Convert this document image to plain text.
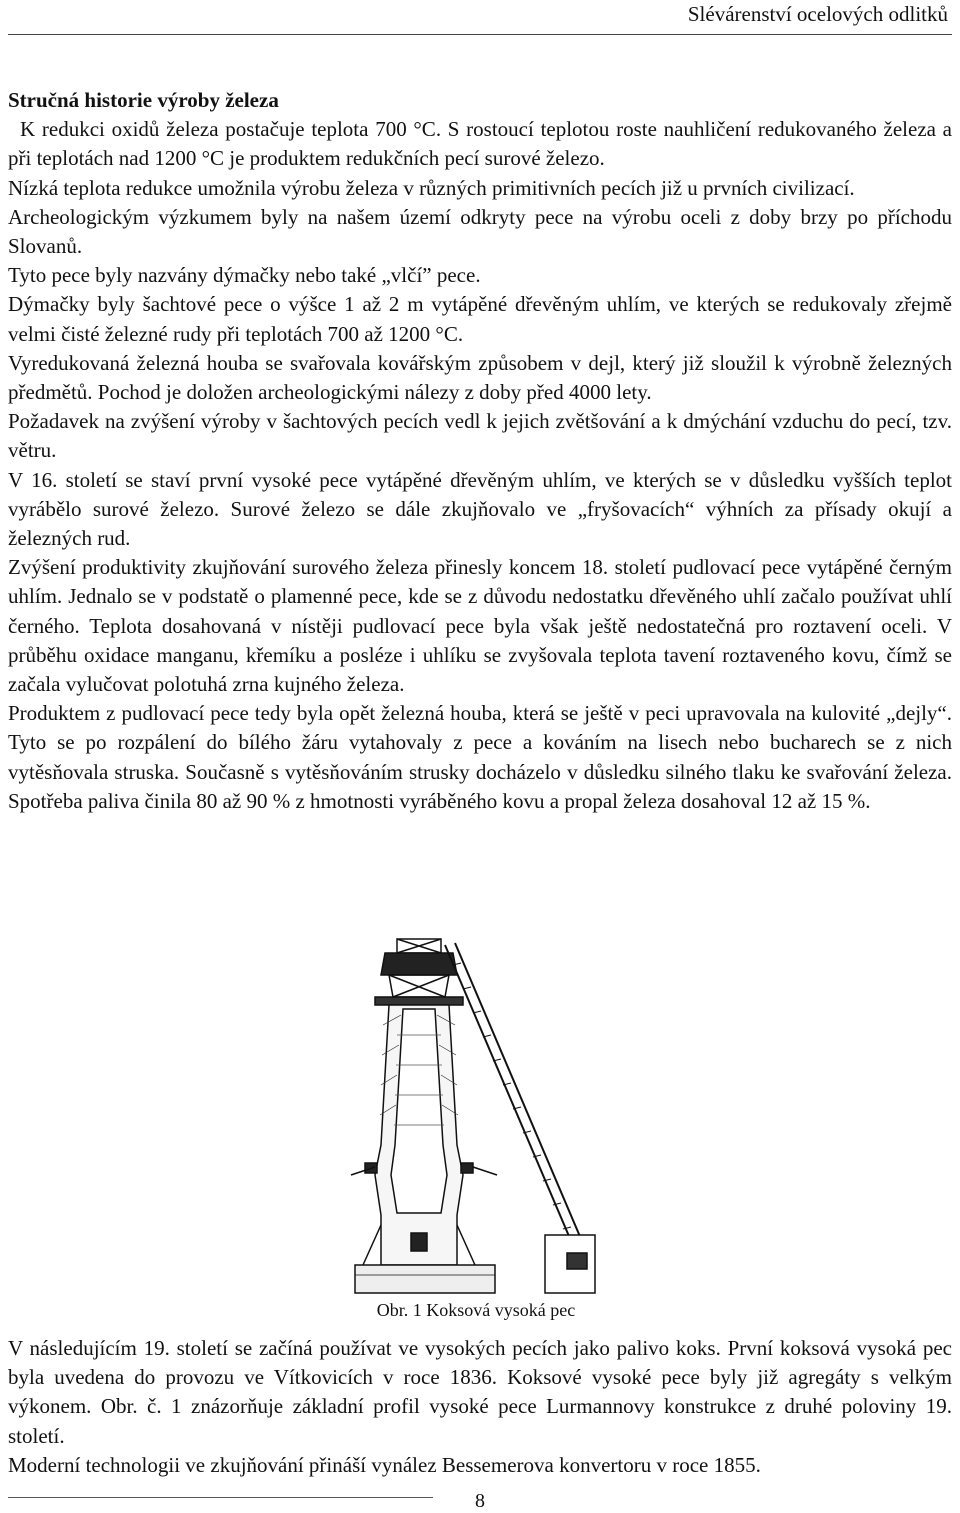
Slévárenství ocelových odlitků

Stručná historie výroby železa

K redukci oxidů železa postačuje teplota 700 °C. S rostoucí teplotou roste nauhličení redukovaného železa a při teplotách nad 1200 °C je produktem redukčních pecí surové železo.

Nízká teplota redukce umožnila výrobu železa v různých primitivních pecích již u prvních civilizací.

Archeologickým výzkumem byly na našem území odkryty pece na výrobu oceli z doby brzy po příchodu Slovanů.

Tyto pece byly nazvány dýmačky nebo také „vlčí” pece.

Dýmačky byly šachtové pece o výšce 1 až 2 m vytápěné dřevěným uhlím, ve kterých se redukovaly zřejmě velmi čisté železné rudy při teplotách 700 až 1200 °C.

Vyredukovaná železná houba se svařovala kovářským způsobem v dejl, který již sloužil k výrobně železných předmětů. Pochod je doložen archeologickými nálezy z doby před 4000 lety.

Požadavek na zvýšení výroby v šachtových pecích vedl k jejich zvětšování a k dmýchání vzduchu do pecí, tzv. větru.

V 16. století se staví první vysoké pece vytápěné dřevěným uhlím, ve kterých se v důsledku vyšších teplot vyrábělo surové železo. Surové železo se dále zkujňovalo ve „fryšovacích“ výhních za přísady okují a železných rud.

Zvýšení produktivity zkujňování surového železa přinesly koncem 18. století pudlovací pece vytápěné černým uhlím. Jednalo se v podstatě o plamenné pece, kde se z důvodu nedostatku dřevěného uhlí začalo používat uhlí černého. Teplota dosahovaná v nístěji pudlovací pece byla však ještě nedostatečná pro roztavení oceli. V průběhu oxidace manganu, křemíku a posléze i uhlíku se zvyšovala teplota tavení roztaveného kovu, čímž se začala vylučovat polotuhá zrna kujného železa.

Produktem z pudlovací pece tedy byla opět železná houba, která se ještě v peci upravovala na kulovité „dejly“. Tyto se po rozpálení do bílého žáru vytahovaly z pece a kováním na lisech nebo bucharech se z nich vytěsňovala struska. Současně s vytěsňováním strusky docházelo v důsledku silného tlaku ke svařování železa. Spotřeba paliva činila 80 až 90 % z hmotnosti vyráběného kovu a propal železa dosahoval 12 až 15 %.

Obr. 1 Koksová vysoká pec

V následujícím 19. století se začíná používat ve vysokých pecích jako palivo koks. První koksová vysoká pec byla uvedena do provozu ve Vítkovicích v roce 1836. Koksové vysoké pece byly již agregáty s velkým výkonem. Obr. č. 1 znázorňuje základní profil vysoké pece Lurmannovy konstrukce z druhé poloviny 19. století.

Moderní technologii ve zkujňování přináší vynález Bessemerova konvertoru v roce 1855.

8
